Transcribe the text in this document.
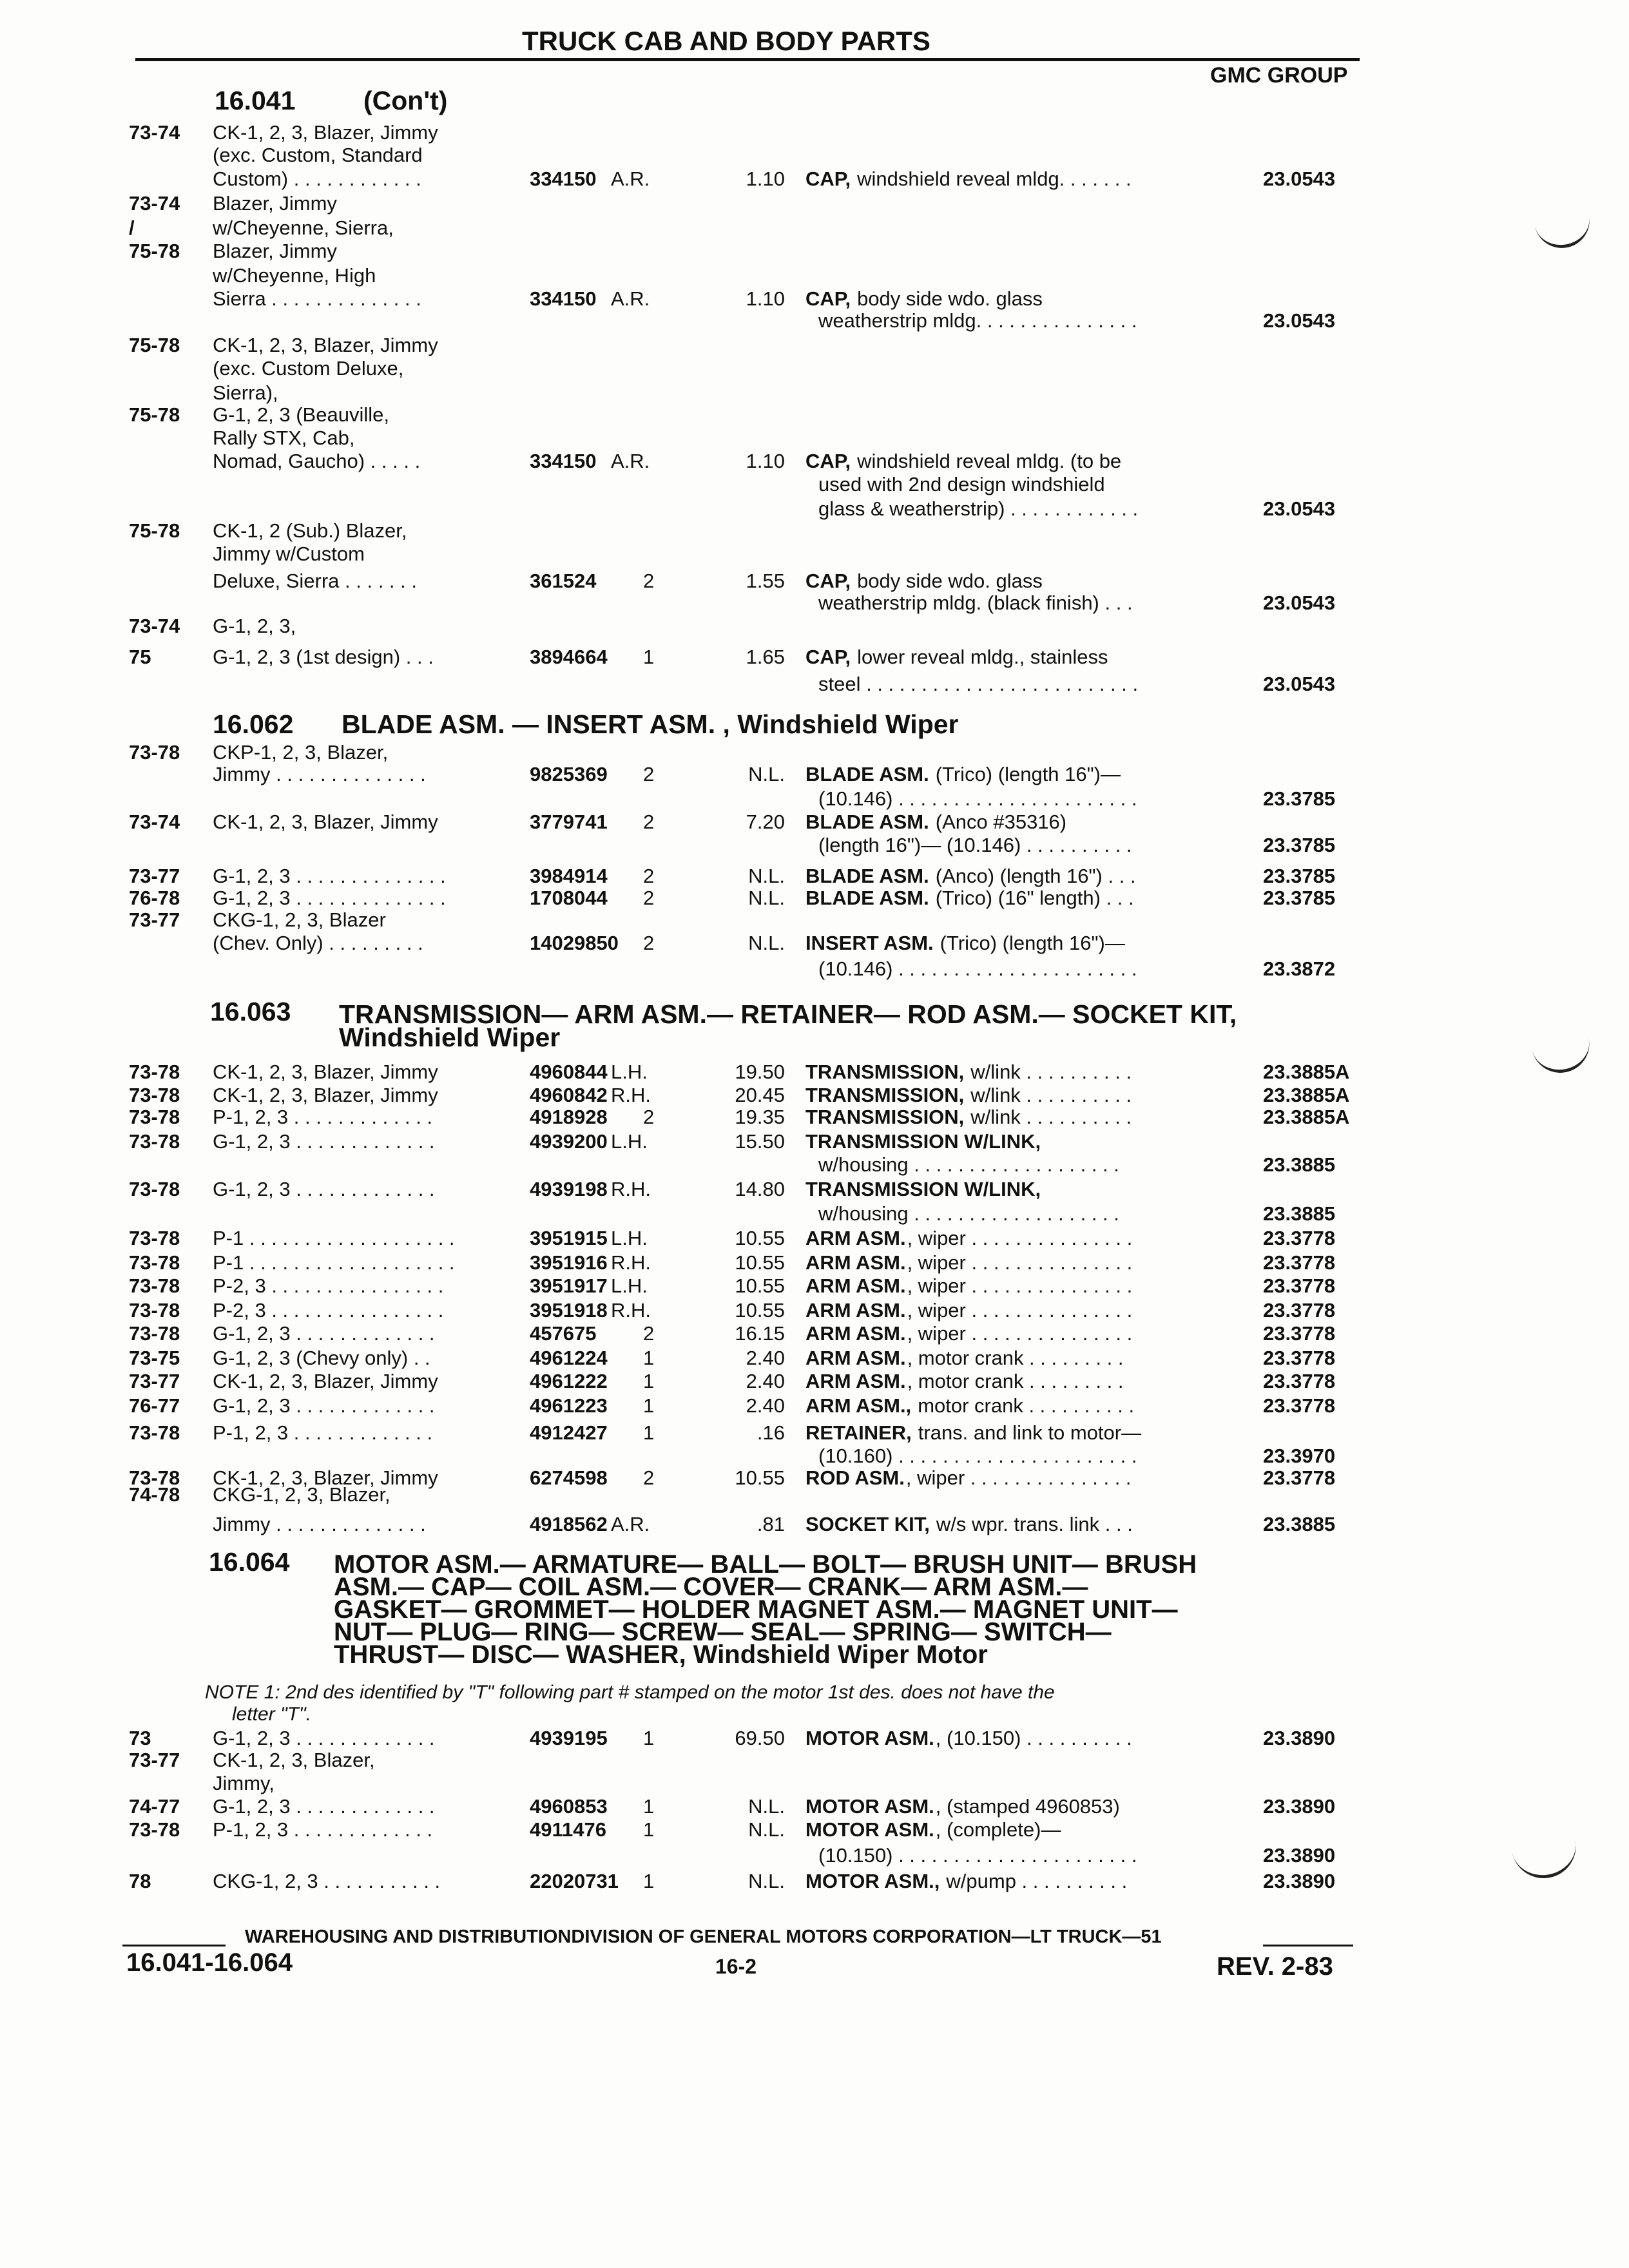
TRUCK CAB AND BODY PARTS
GMC GROUP
16.041	(Con't)
16.062 BLADE ASM. — INSERT ASM. , Windshield Wiper
16.063 TRANSMISSION— ARM ASM.— RETAINER— ROD ASM.— SOCKET KIT,
Windshield Wiper
16.064 MOTOR ASM.— ARMATURE— BALL— BOLT— BRUSH UNIT— BRUSH
ASM.— CAP— COIL ASM.— COVER— CRANK— ARM ASM.—
GASKET— GROMMET— HOLDER MAGNET ASM.— MAGNET UNIT—
NUT— PLUG— RING— SCREW— SEAL— SPRING— SWITCH—
THRUST— DISC— WASHER, Windshield Wiper Motor
NOTE 1: 2nd des identified by "T" following part # stamped on the motor 1st des. does not have the
letter "T".
73-74 CK-1, 2, 3, Blazer, Jimmy
(exc. Custom, Standard
Custom) . . . . . . . . . . . .	334150 A.R.	1.10 CAP, windshield reveal mldg. . . . . . .	23.0543
73-74 Blazer, Jimmy
/	w/Cheyenne, Sierra,
75-78 Blazer, Jimmy
w/Cheyenne, High
Sierra . . . . . . . . . . . . . .	334150 A.R.	1.10 CAP, body side wdo. glass
weatherstrip mldg. . . . . . . . . . . . . . .	23.0543
75-78 CK-1, 2, 3, Blazer, Jimmy
(exc. Custom Deluxe,
Sierra),
75-78 G-1, 2, 3 (Beauville,
Rally STX, Cab,
Nomad, Gaucho) . . . . .	334150 A.R.	1.10 CAP, windshield reveal mldg. (to be
used with 2nd design windshield
glass & weatherstrip) . . . . . . . . . . . .	23.0543
75-78 CK-1, 2 (Sub.) Blazer,
Jimmy w/Custom
Deluxe, Sierra . . . . . . .	361524 2	1.55 CAP, body side wdo. glass
weatherstrip mldg. (black finish) . . .	23.0543
73-74 G-1, 2, 3,
75	G-1, 2, 3 (1st design) . . .	3894664 1	1.65 CAP, lower reveal mldg., stainless
steel . . . . . . . . . . . . . . . . . . . . . . . . .	23.0543
73-78 CKP-1, 2, 3, Blazer,
Jimmy . . . . . . . . . . . . . .	9825369 2	N.L. BLADE ASM. (Trico) (length 16")—
(10.146) . . . . . . . . . . . . . . . . . . . . . .	23.3785
73-74 CK-1, 2, 3, Blazer, Jimmy	3779741 2	7.20 BLADE ASM. (Anco #35316)
(length 16")— (10.146) . . . . . . . . . .	23.3785
73-77 G-1, 2, 3 . . . . . . . . . . . . . .	3984914 2	N.L. BLADE ASM. (Anco) (length 16") . . .	23.3785
76-78 G-1, 2, 3 . . . . . . . . . . . . . .	1708044 2	N.L. BLADE ASM. (Trico) (16" length) . . .	23.3785
73-77 CKG-1, 2, 3, Blazer
(Chev. Only) . . . . . . . . .	14029850 2	N.L. INSERT ASM. (Trico) (length 16")—
(10.146) . . . . . . . . . . . . . . . . . . . . . .	23.3872
73-78 CK-1, 2, 3, Blazer, Jimmy	4960844 L.H.	19.50 TRANSMISSION, w/link . . . . . . . . . .	23.3885A
73-78 CK-1, 2, 3, Blazer, Jimmy	4960842 R.H.	20.45 TRANSMISSION, w/link . . . . . . . . . .	23.3885A
73-78 P-1, 2, 3 . . . . . . . . . . . . .	4918928 2	19.35 TRANSMISSION, w/link . . . . . . . . . .	23.3885A
73-78 G-1, 2, 3 . . . . . . . . . . . . .	4939200 L.H.	15.50 TRANSMISSION W/LINK,
w/housing . . . . . . . . . . . . . . . . . . .	23.3885
73-78 G-1, 2, 3 . . . . . . . . . . . . .	4939198 R.H.	14.80 TRANSMISSION W/LINK,
w/housing . . . . . . . . . . . . . . . . . . .	23.3885
73-78 P-1 . . . . . . . . . . . . . . . . . . .	3951915 L.H.	10.55 ARM ASM. , wiper . . . . . . . . . . . . . . .	23.3778
73-78 P-1 . . . . . . . . . . . . . . . . . . .	3951916 R.H.	10.55 ARM ASM. , wiper . . . . . . . . . . . . . . .	23.3778
73-78 P-2, 3 . . . . . . . . . . . . . . . .	3951917 L.H.	10.55 ARM ASM. , wiper . . . . . . . . . . . . . . .	23.3778
73-78 P-2, 3 . . . . . . . . . . . . . . . .	3951918 R.H.	10.55 ARM ASM. , wiper . . . . . . . . . . . . . . .	23.3778
73-78 G-1, 2, 3 . . . . . . . . . . . . .	457675 2	16.15 ARM ASM. , wiper . . . . . . . . . . . . . . .	23.3778
73-75 G-1, 2, 3 (Chevy only) . .	4961224 1	2.40 ARM ASM. , motor crank . . . . . . . . .	23.3778
73-77 CK-1, 2, 3, Blazer, Jimmy	4961222 1	2.40 ARM ASM. , motor crank . . . . . . . . .	23.3778
76-77 G-1, 2, 3 . . . . . . . . . . . . .	4961223 1	2.40 ARM ASM., motor crank . . . . . . . . . .	23.3778
73-78 P-1, 2, 3 . . . . . . . . . . . . .	4912427 1	.16 RETAINER, trans. and link to motor—
(10.160) . . . . . . . . . . . . . . . . . . . . . .	23.3970
73-78 CK-1, 2, 3, Blazer, Jimmy	6274598 2	10.55 ROD ASM. , wiper . . . . . . . . . . . . . . .	23.3778
74-78 CKG-1, 2, 3, Blazer,
Jimmy . . . . . . . . . . . . . .	4918562 A.R.	.81 SOCKET KIT, w/s wpr. trans. link . . .	23.3885
73	G-1, 2, 3 . . . . . . . . . . . . .	4939195 1	69.50 MOTOR ASM. , (10.150) . . . . . . . . . .	23.3890
73-77 CK-1, 2, 3, Blazer,
Jimmy,
74-77 G-1, 2, 3 . . . . . . . . . . . . .	4960853 1	N.L. MOTOR ASM. , (stamped 4960853)	23.3890
73-78 P-1, 2, 3 . . . . . . . . . . . . .	4911476 1	N.L. MOTOR ASM. , (complete)—
(10.150) . . . . . . . . . . . . . . . . . . . . . .	23.3890
78	CKG-1, 2, 3 . . . . . . . . . . .	22020731 1	N.L. MOTOR ASM., w/pump . . . . . . . . . .	23.3890
WAREHOUSING AND DISTRIBUTIONDIVISION OF GENERAL MOTORS CORPORATION—LT TRUCK—51
16.041-16.064	16-2	REV. 2-83
